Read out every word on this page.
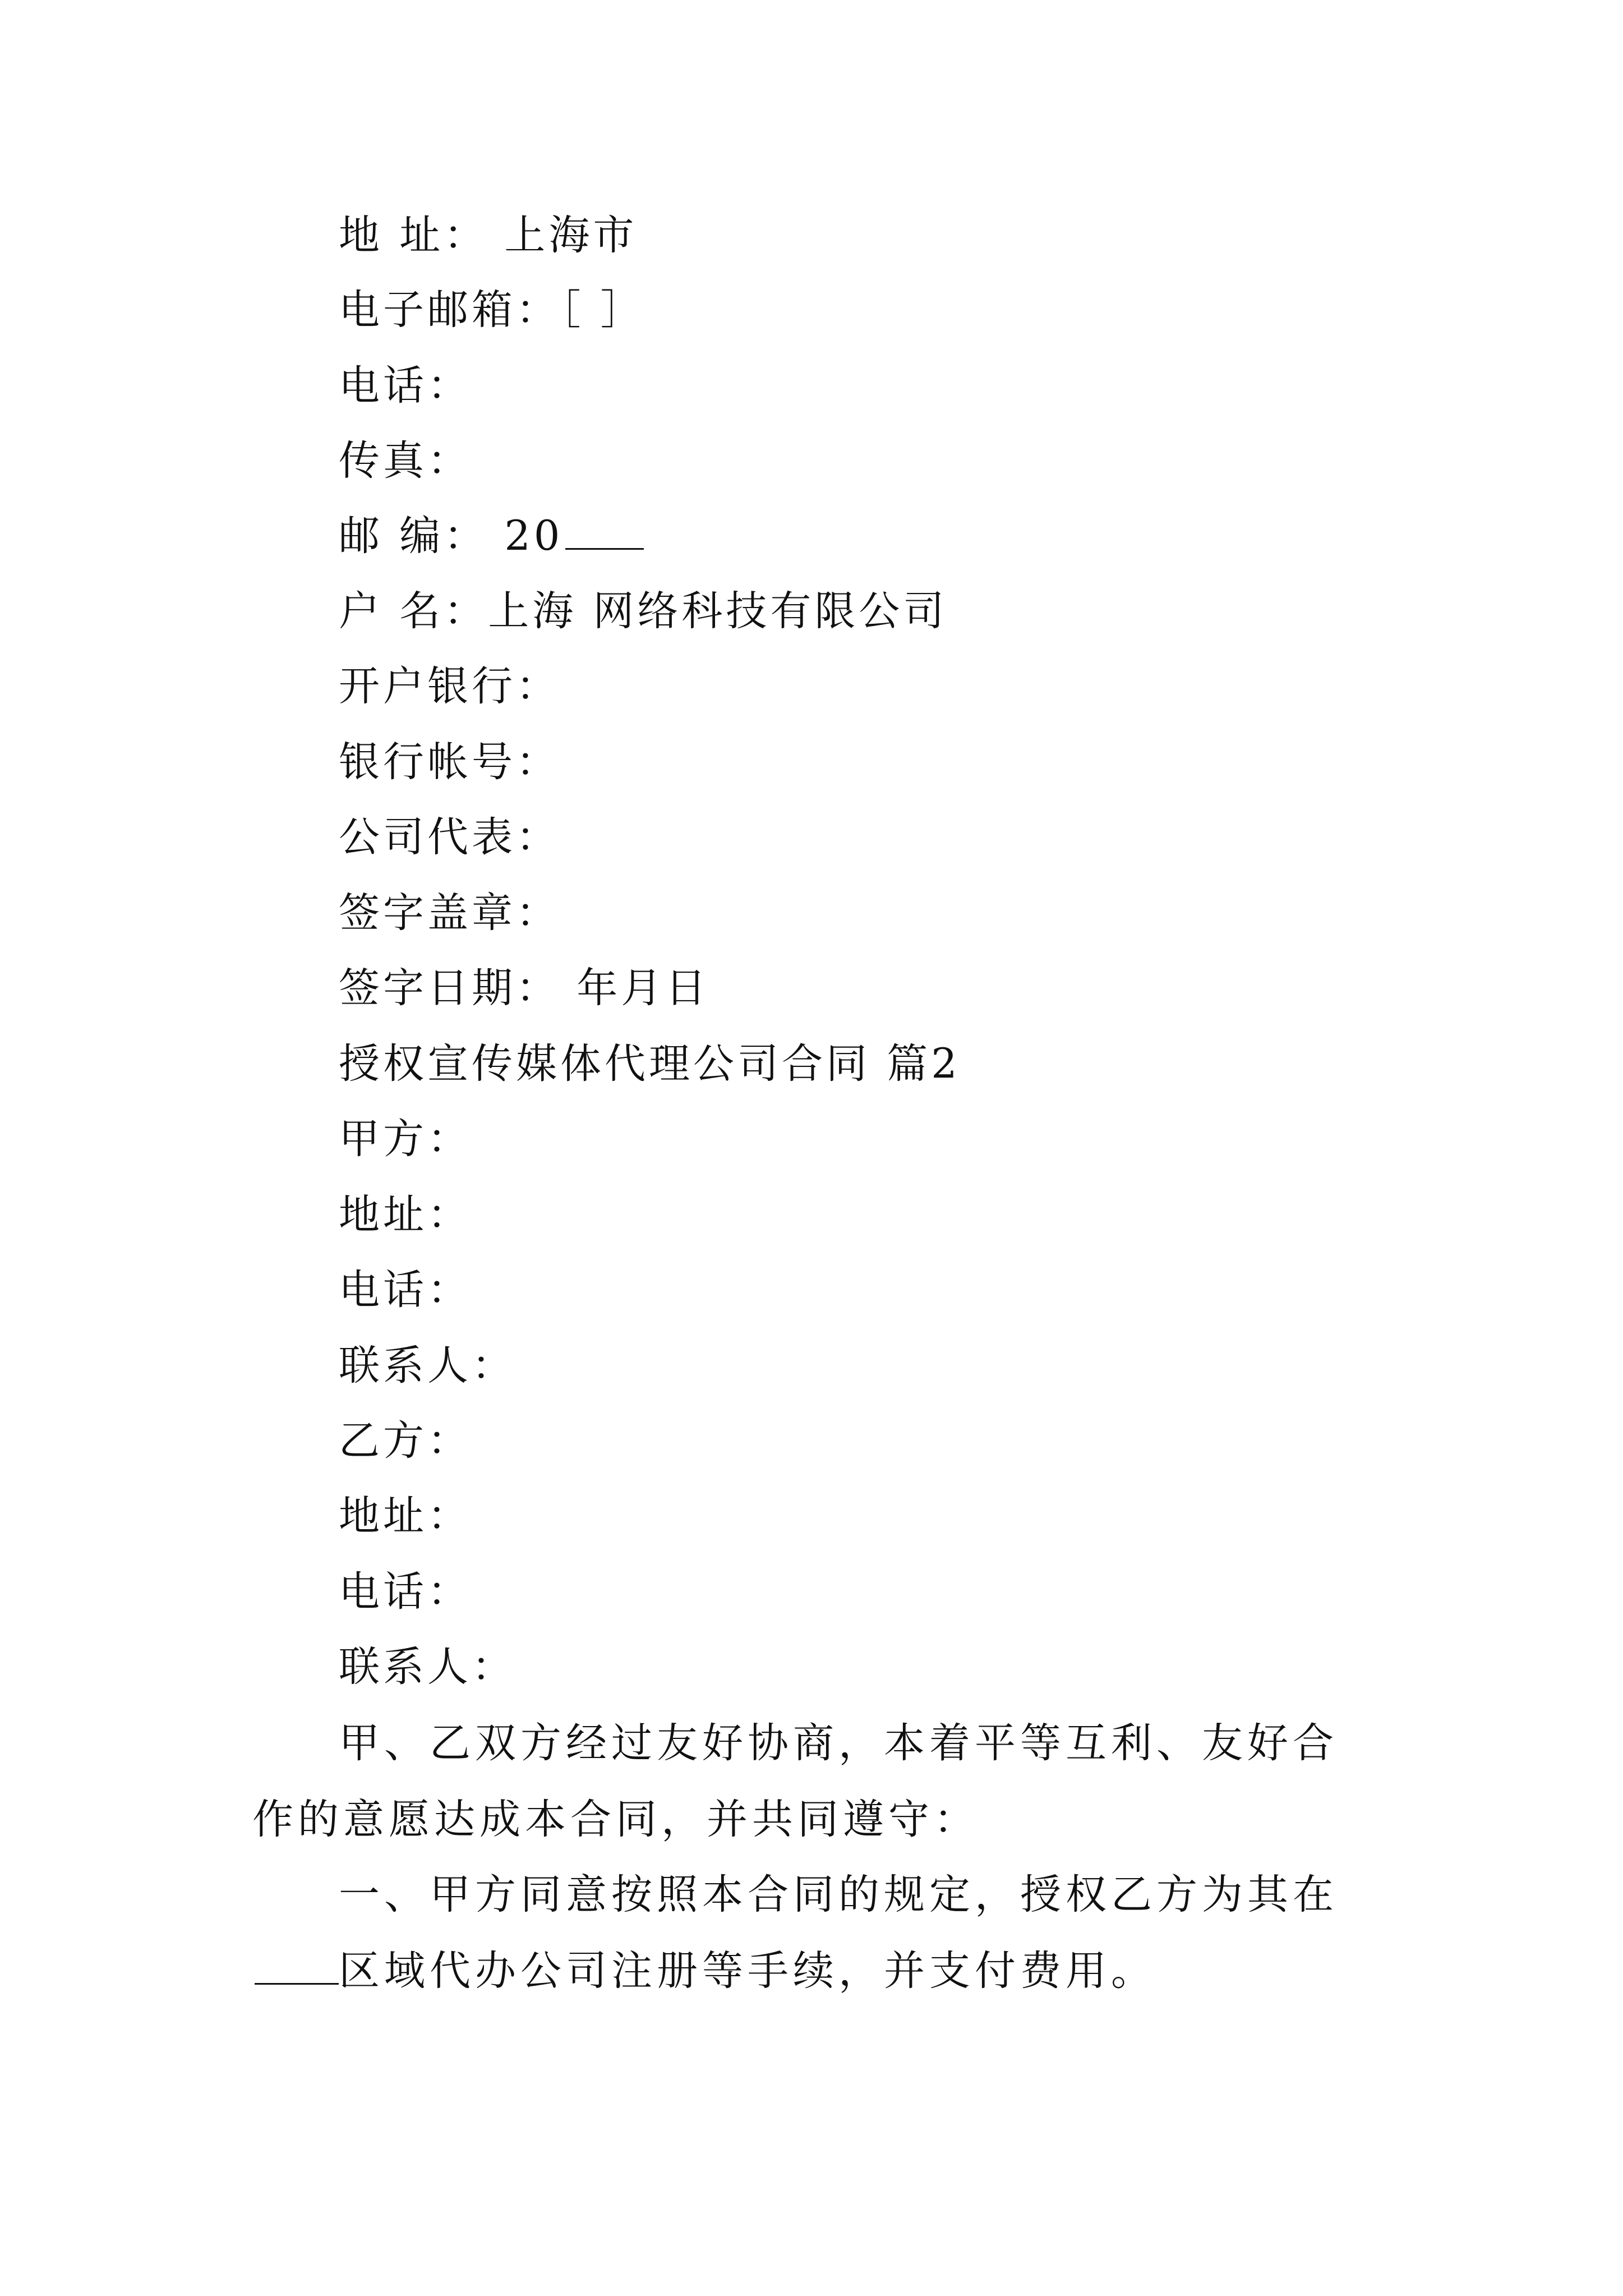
地 址： 上海市
电子邮箱：［ ］
电话：
传真：
邮 编： 20
户 名：上海 网络科技有限公司
开户银行：
银行帐号：
公司代表：
签字盖章：
签字日期： 年月日
授权宣传媒体代理公司合同 篇2
甲方：
地址：
电话：
联系人：
乙方：
地址：
电话：
联系人：
甲、乙双方经过友好协商，本着平等互利、友好合作的意愿达成本合同，并共同遵守：
一、甲方同意按照本合同的规定，授权乙方为其在区域代办公司注册等手续，并支付费用。
